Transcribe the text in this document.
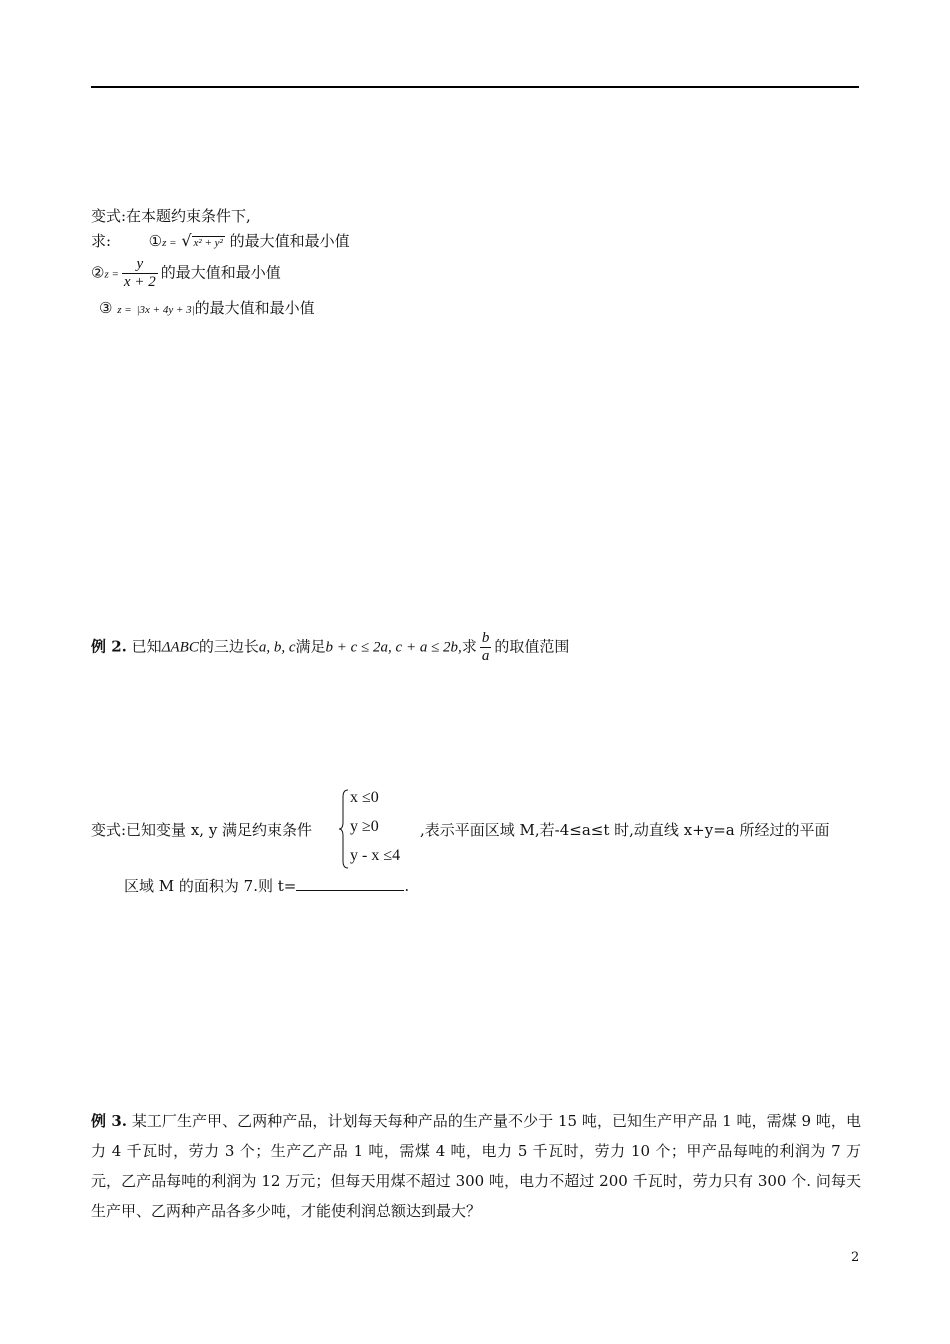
变式:在本题约束条件下,
求:	①z = √ x² + y² 的最大值和最小值
②z = $\frac{y}{x + 2}$ 的最大值和最小值
③ z = |3x + 4y + 3|的最大值和最小值
例 2. 已知ΔABC的三边长a, b, c满足b + c ≤ 2a, c + a ≤ 2b,求 $\frac{b}{a}$ 的取值范围
变式:已知变量 x, y 满足约束条件
x ≤0
y ≥0
y - x ≤4
,表示平面区域 M,若-4≤a≤t 时,动直线 x+y=a 所经过的平面
区域 M 的面积为 7.则 t=	.
例 3. 某工厂生产甲、乙两种产品，计划每天每种产品的生产量不少于 15 吨，已知生产甲产品 1 吨，需煤 9 吨，电力 4 千瓦时，劳力 3 个；生产乙产品 1 吨，需煤 4 吨，电力 5 千瓦时，劳力 10 个；甲产品每吨的利润为 7 万元，乙产品每吨的利润为 12 万元；但每天用煤不超过 300 吨，电力不超过 200 千瓦时，劳力只有 300 个. 问每天生产甲、乙两种产品各多少吨，才能使利润总额达到最大？
2
